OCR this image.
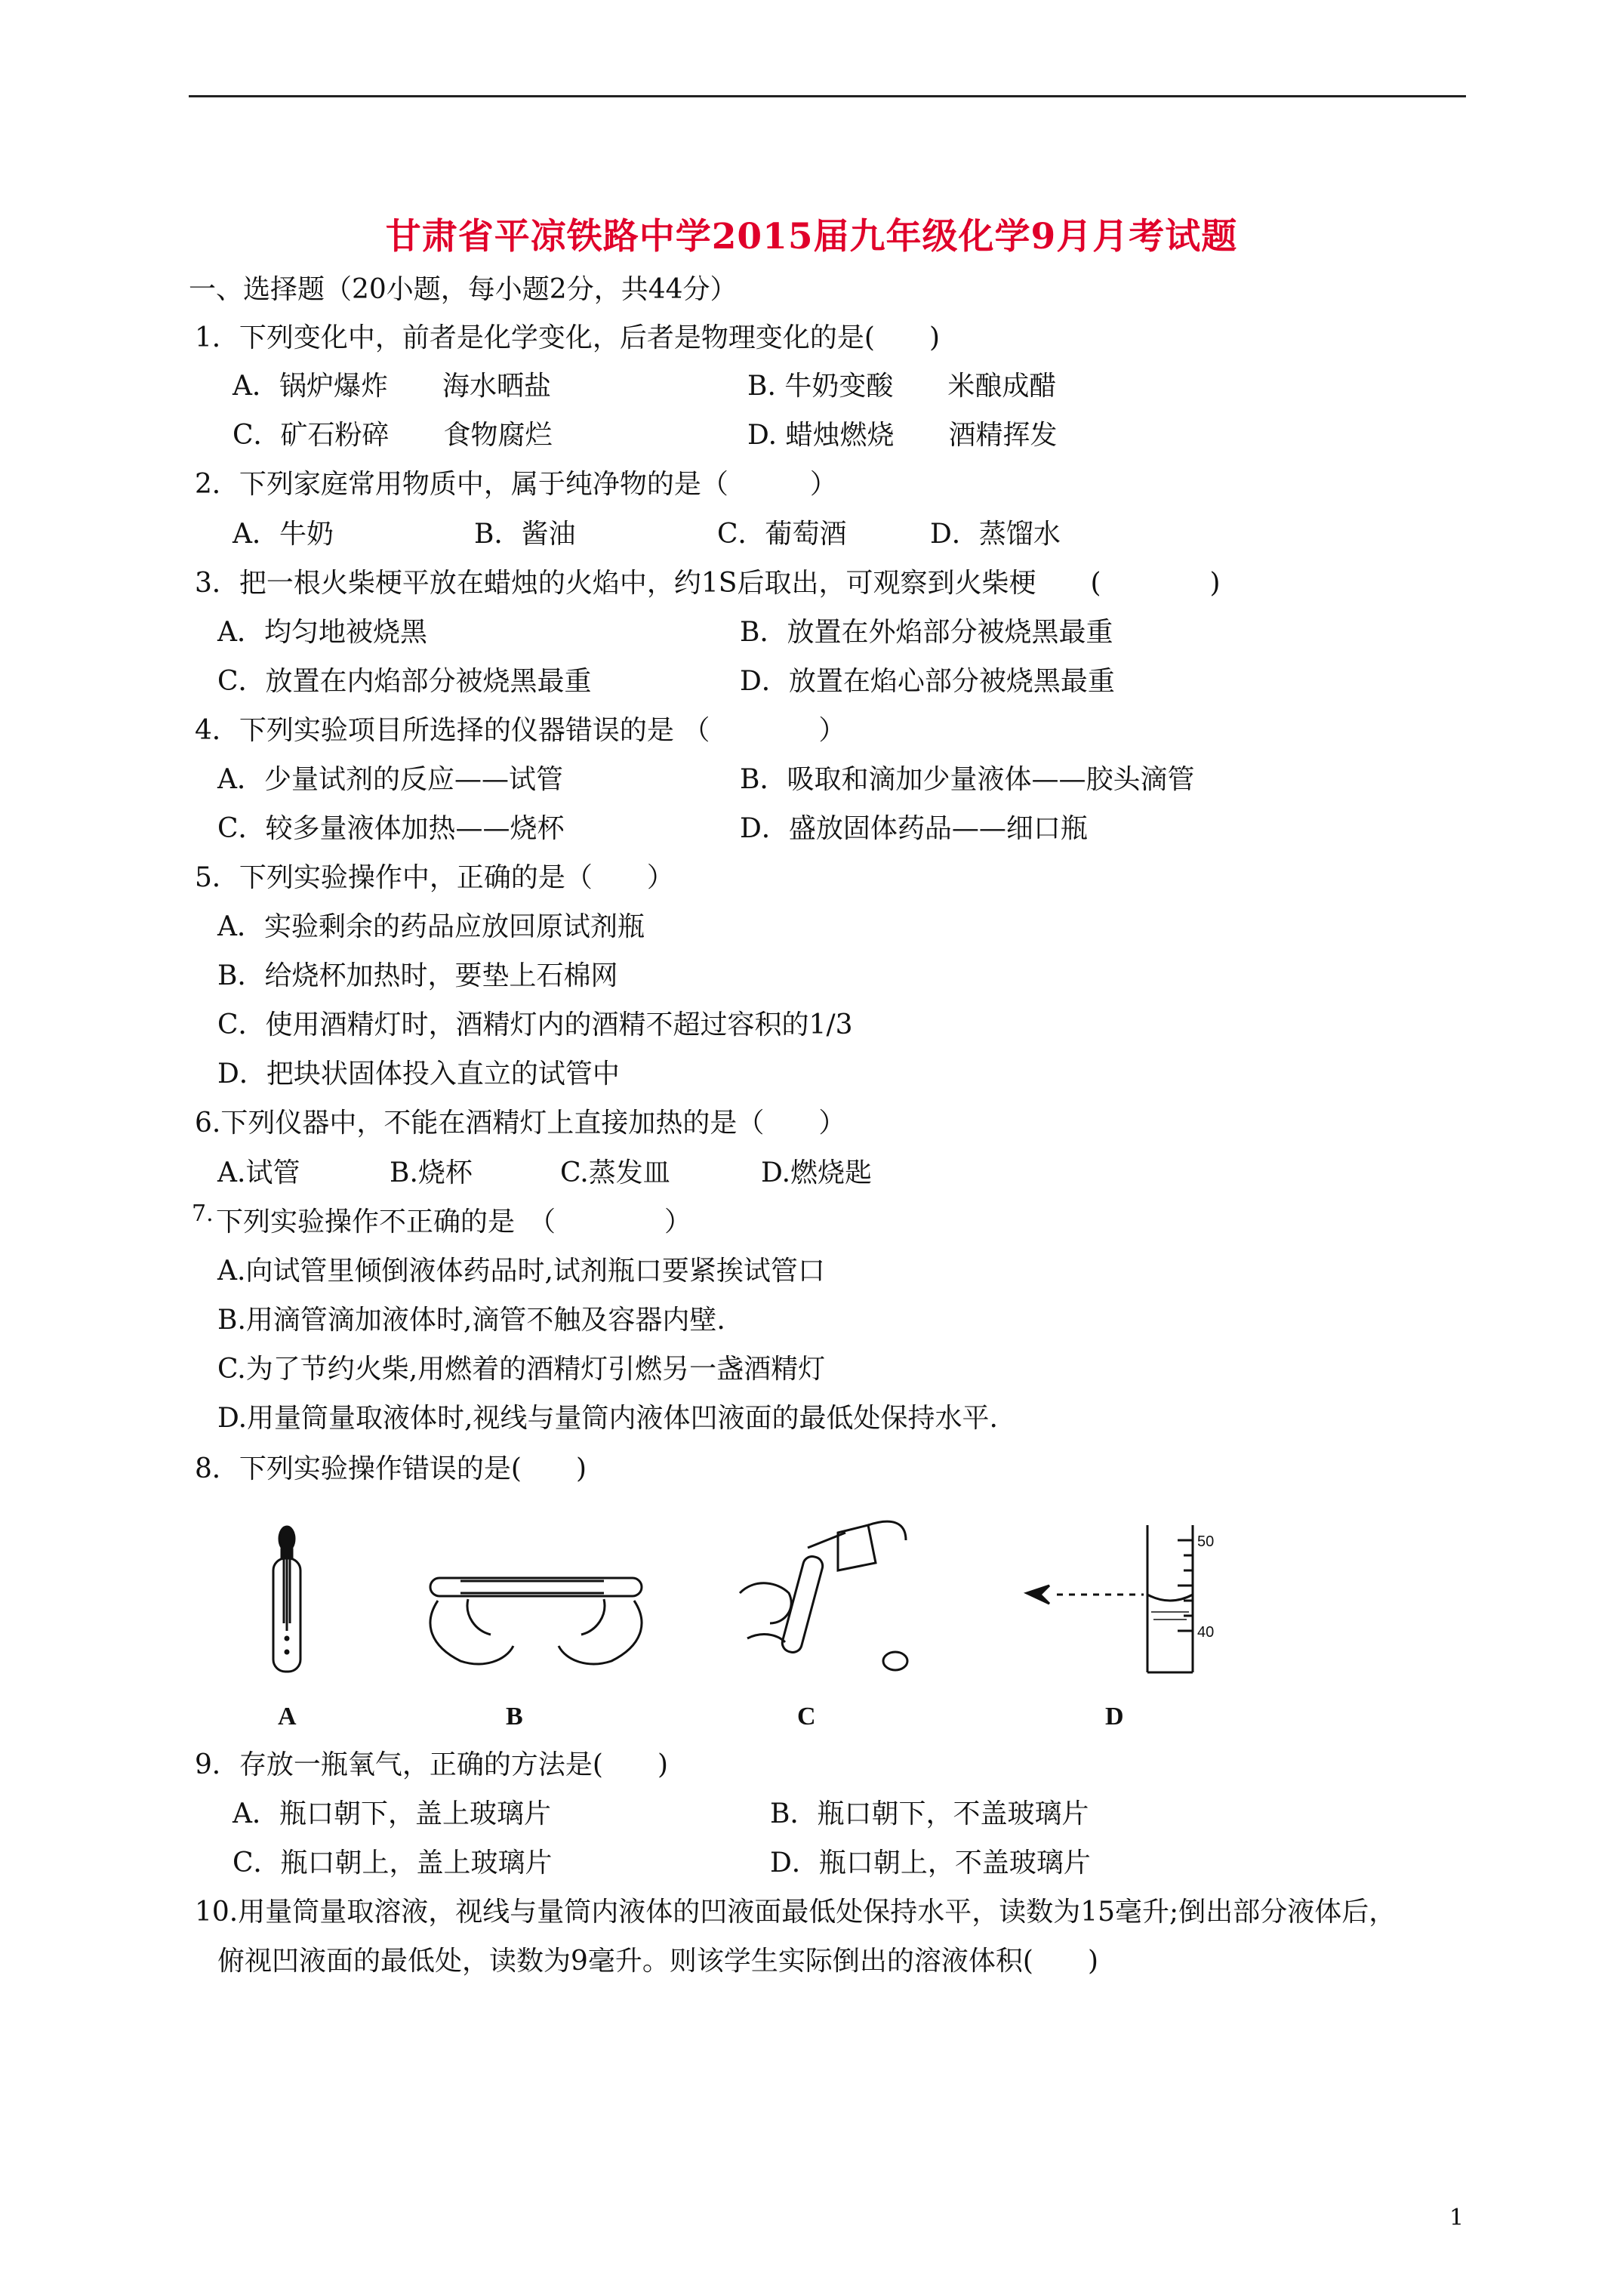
甘肃省平凉铁路中学2015届九年级化学9月月考试题
一、选择题（20小题，每小题2分，共44分）
1．下列变化中，前者是化学变化，后者是物理变化的是(　　)
A．锅炉爆炸　　海水晒盐	B. 牛奶变酸　　米酿成醋
C．矿石粉碎　　食物腐烂	D. 蜡烛燃烧　　酒精挥发
2．下列家庭常用物质中，属于纯净物的是（　　　）
A．牛奶	B．酱油	C．葡萄酒	D．蒸馏水
3．把一根火柴梗平放在蜡烛的火焰中，约1S后取出，可观察到火柴梗　　(　　　　)
A．均匀地被烧黑	B．放置在外焰部分被烧黑最重
C．放置在内焰部分被烧黑最重	D．放置在焰心部分被烧黑最重
4．下列实验项目所选择的仪器错误的是 （　　　　）
A．少量试剂的反应——试管	B．吸取和滴加少量液体——胶头滴管
C．较多量液体加热——烧杯	D．盛放固体药品——细口瓶
5．下列实验操作中，正确的是（　　）
A．实验剩余的药品应放回原试剂瓶
B．给烧杯加热时，要垫上石棉网
C．使用酒精灯时，酒精灯内的酒精不超过容积的1/3
D．把块状固体投入直立的试管中
6.下列仪器中，不能在酒精灯上直接加热的是（　　）
A.试管	B.烧杯	C.蒸发皿	D.燃烧匙
7. 下列实验操作不正确的是　（　　　　）
A.向试管里倾倒液体药品时,试剂瓶口要紧挨试管口
B.用滴管滴加液体时,滴管不触及容器内壁.
C.为了节约火柴,用燃着的酒精灯引燃另一盏酒精灯
D.用量筒量取液体时,视线与量筒内液体凹液面的最低处保持水平.
8．下列实验操作错误的是(　　)
50
40
A	B	C	D
9．存放一瓶氧气，正确的方法是(　　)
A．瓶口朝下，盖上玻璃片	B．瓶口朝下，不盖玻璃片
C．瓶口朝上，盖上玻璃片	D．瓶口朝上，不盖玻璃片
10.用量筒量取溶液，视线与量筒内液体的凹液面最低处保持水平，读数为15毫升;倒出部分液体后，
俯视凹液面的最低处，读数为9毫升。则该学生实际倒出的溶液体积(　　)
1
